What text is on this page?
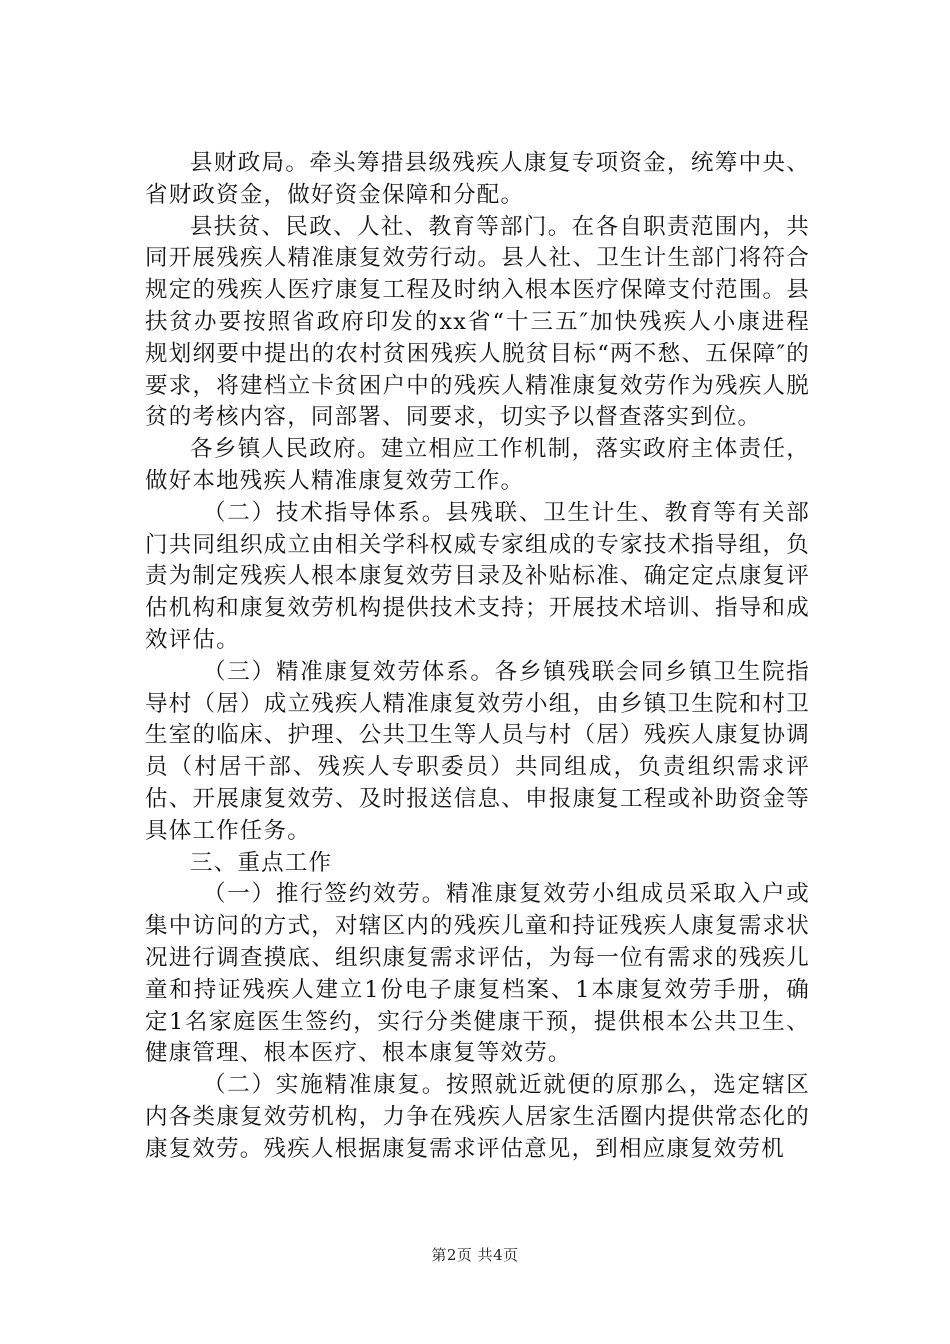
县财政局。牵头筹措县级残疾人康复专项资金，统筹中央、省财政资金，做好资金保障和分配。

县扶贫、民政、人社、教育等部门。在各自职责范围内，共同开展残疾人精准康复效劳行动。县人社、卫生计生部门将符合规定的残疾人医疗康复工程及时纳入根本医疗保障支付范围。县扶贫办要按照省政府印发的xx省“十三五″加快残疾人小康进程规划纲要中提出的农村贫困残疾人脱贫目标“两不愁、五保障″的要求，将建档立卡贫困户中的残疾人精准康复效劳作为残疾人脱贫的考核内容，同部署、同要求，切实予以督查落实到位。

各乡镇人民政府。建立相应工作机制，落实政府主体责任，做好本地残疾人精准康复效劳工作。

（二）技术指导体系。县残联、卫生计生、教育等有关部门共同组织成立由相关学科权威专家组成的专家技术指导组，负责为制定残疾人根本康复效劳目录及补贴标准、确定定点康复评估机构和康复效劳机构提供技术支持；开展技术培训、指导和成效评估。

（三）精准康复效劳体系。各乡镇残联会同乡镇卫生院指导村（居）成立残疾人精准康复效劳小组，由乡镇卫生院和村卫生室的临床、护理、公共卫生等人员与村（居）残疾人康复协调员（村居干部、残疾人专职委员）共同组成，负责组织需求评估、开展康复效劳、及时报送信息、申报康复工程或补助资金等具体工作任务。

三、重点工作

（一）推行签约效劳。精准康复效劳小组成员采取入户或集中访问的方式，对辖区内的残疾儿童和持证残疾人康复需求状况进行调查摸底、组织康复需求评估，为每一位有需求的残疾儿童和持证残疾人建立1份电子康复档案、1本康复效劳手册，确定1名家庭医生签约，实行分类健康干预，提供根本公共卫生、健康管理、根本医疗、根本康复等效劳。

（二）实施精准康复。按照就近就便的原那么，选定辖区内各类康复效劳机构，力争在残疾人居家生活圈内提供常态化的康复效劳。残疾人根据康复需求评估意见，到相应康复效劳机

第2页 共4页
